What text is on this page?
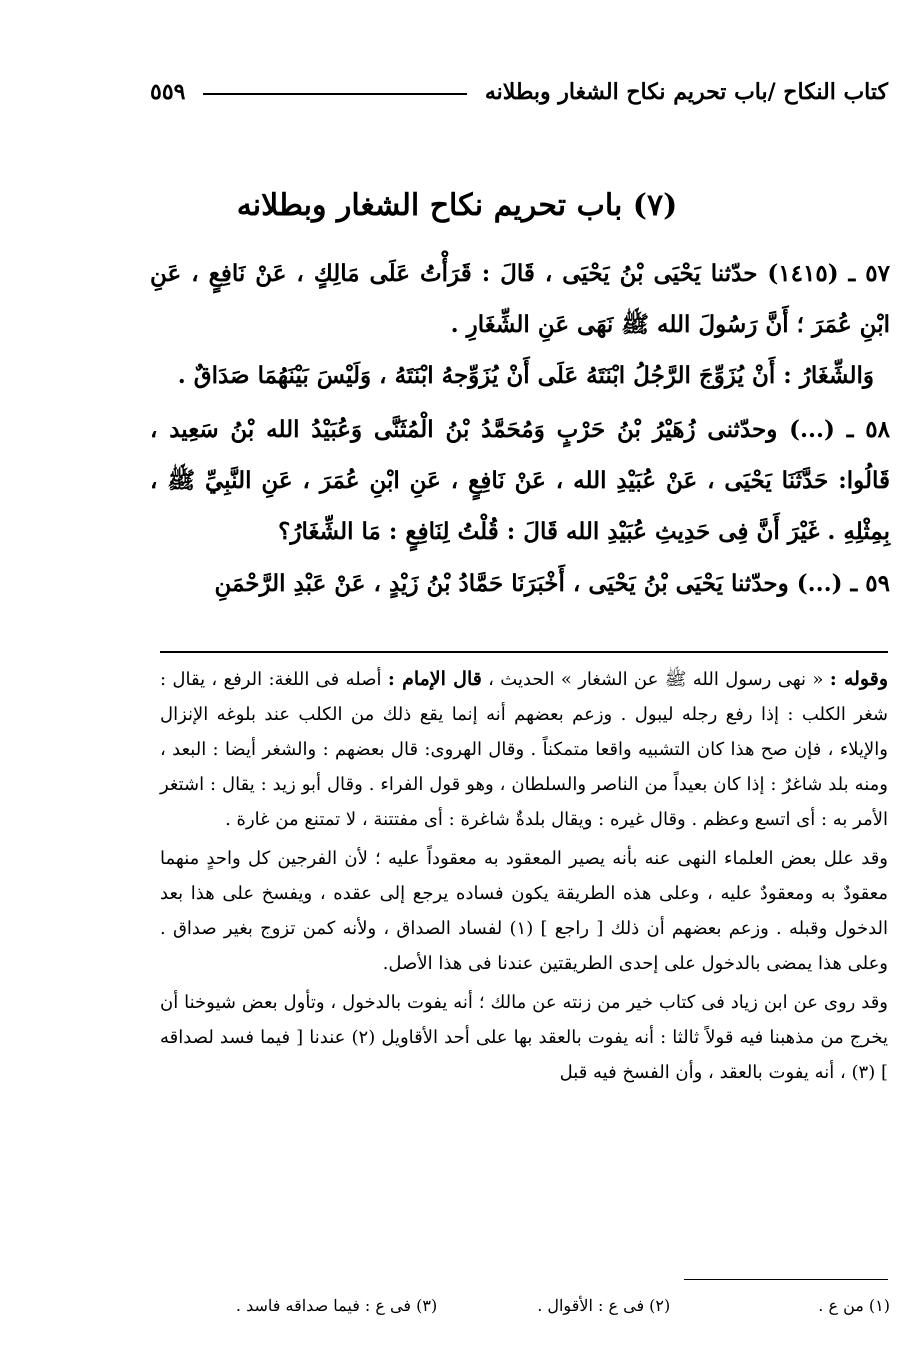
كتاب النكاح /باب تحريم نكاح الشغار وبطلانه
٥٥٩
(٧) باب تحريم نكاح الشغار وبطلانه

٥٧ ـ (١٤١٥) حدّثنا يَحْيَى بْنُ يَحْيَى ، قَالَ : قَرَأْتُ عَلَى مَالِكٍ ، عَنْ نَافِعٍ ، عَنِ ابْنِ عُمَرَ ؛ أَنَّ رَسُولَ الله ﷺ نَهَى عَنِ الشِّغَارِ .

وَالشِّغَارُ : أَنْ يُزَوِّجَ الرَّجُلُ ابْنَتَهُ عَلَى أَنْ يُزَوِّجهُ ابْنَتَهُ ، وَلَيْسَ بَيْنَهُمَا صَدَاقٌ .

٥٨ ـ (...) وحدّثنى زُهَيْرُ بْنُ حَرْبٍ وَمُحَمَّدُ بْنُ الْمُثَنَّى وَعُبَيْدُ الله بْنُ سَعِيد ، قَالُوا: حَدَّثَنَا يَحْيَى ، عَنْ عُبَيْدِ الله ، عَنْ نَافِعٍ ، عَنِ ابْنِ عُمَرَ ، عَنِ النَّبِيِّ ﷺ ، بِمِثْلِهِ . غَيْرَ أَنَّ فِى حَدِيثِ عُبَيْدِ الله قَالَ : قُلْتُ لِنَافِعٍ : مَا الشِّغَارُ؟

٥٩ ـ (...) وحدّثنا يَحْيَى بْنُ يَحْيَى ، أَخْبَرَنَا حَمَّادُ بْنُ زَيْدٍ ، عَنْ عَبْدِ الرَّحْمَنِ

وقوله : « نهى رسول الله ﷺ عن الشغار » الحديث ، قال الإمام : أصله فى اللغة: الرفع ، يقال : شغر الكلب : إذا رفع رجله ليبول . وزعم بعضهم أنه إنما يقع ذلك من الكلب عند بلوغه الإنزال والإيلاء ، فإن صح هذا كان التشبيه واقعا متمكناً . وقال الهروى: قال بعضهم : والشغر أيضا : البعد ، ومنه بلد شاغرٌ : إذا كان بعيداً من الناصر والسلطان ، وهو قول الفراء . وقال أبو زيد : يقال : اشتغر الأمر به : أى اتسع وعظم . وقال غيره : ويقال بلدةٌ شاغرة : أى مفتتنة ، لا تمتنع من غارة .

وقد علل بعض العلماء النهى عنه بأنه يصير المعقود به معقوداً عليه ؛ لأن الفرجين كل واحدٍ منهما معقودٌ به ومعقودٌ عليه ، وعلى هذه الطريقة يكون فساده يرجع إلى عقده ، ويفسخ على هذا بعد الدخول وقبله . وزعم بعضهم أن ذلك [ راجع ] (١) لفساد الصداق ، ولأنه كمن تزوج بغير صداق . وعلى هذا يمضى بالدخول على إحدى الطريقتين عندنا فى هذا الأصل.

وقد روى عن ابن زياد فى كتاب خير من زنته عن مالك ؛ أنه يفوت بالدخول ، وتأول بعض شيوخنا أن يخرج من مذهبنا فيه قولاً ثالثا : أنه يفوت بالعقد بها على أحد الأقاويل (٢) عندنا [ فيما فسد لصداقه ] (٣) ، أنه يفوت بالعقد ، وأن الفسخ فيه قبل

(١) من ع .
(٢) فى ع : الأقوال .
(٣) فى ع : فيما صداقه فاسد .
